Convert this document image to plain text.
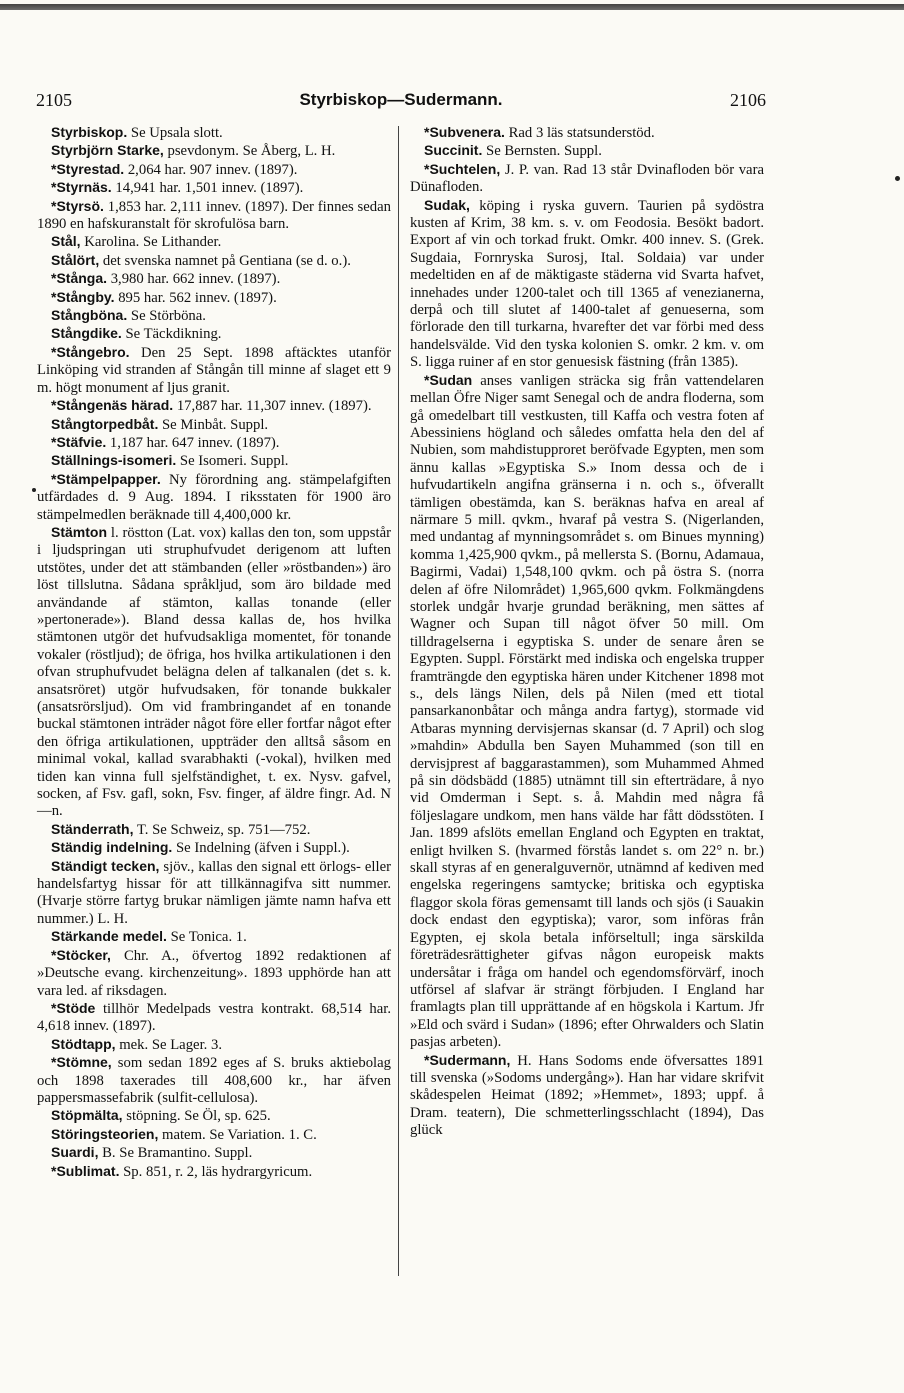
2105	Styrbiskop—Sudermann.	2106

Styrbiskop. Se Upsala slott.

Styrbjörn Starke, psevdonym. Se Åberg, L. H.

*Styrestad. 2,064 har. 907 innev. (1897).

*Styrnäs. 14,941 har. 1,501 innev. (1897).

*Styrsö. 1,853 har. 2,111 innev. (1897). Der finnes sedan 1890 en hafskuranstalt för skrofulösa barn.

Stål, Karolina. Se Lithander.

Stålört, det svenska namnet på Gentiana (se d. o.).

*Stånga. 3,980 har. 662 innev. (1897).

*Stångby. 895 har. 562 innev. (1897).

Stångböna. Se Störböna.

Stångdike. Se Täckdikning.

*Stångebro. Den 25 Sept. 1898 aftäcktes utanför Linköping vid stranden af Stångån till minne af slaget ett 9 m. högt monument af ljus granit.

*Stångenäs härad. 17,887 har. 11,307 innev. (1897).

Stångtorpedbåt. Se Minbåt. Suppl.

*Stäfvie. 1,187 har. 647 innev. (1897).

Ställnings-isomeri. Se Isomeri. Suppl.

*Stämpelpapper. Ny förordning ang. stämpelafgiften utfärdades d. 9 Aug. 1894. I riksstaten för 1900 äro stämpelmedlen beräknade till 4,400,000 kr.

Stämton l. röstton (Lat. vox) kallas den ton, som uppstår i ljudspringan uti struphufvudet derigenom att luften utstötes, under det att stämbanden (eller »röstbanden») äro löst tillslutna. Sådana språkljud, som äro bildade med användande af stämton, kallas tonande (eller »pertonerade»). Bland dessa kallas de, hos hvilka stämtonen utgör det hufvudsakliga momentet, för tonande vokaler (röstljud); de öfriga, hos hvilka artikulationen i den ofvan struphufvudet belägna delen af talkanalen (det s. k. ansatsröret) utgör hufvudsaken, för tonande bukkaler (ansatsrörsljud). Om vid frambringandet af en tonande buckal stämtonen inträder något före eller fortfar något efter den öfriga artikulationen, uppträder den alltså såsom en minimal vokal, kallad svarabhakti (-vokal), hvilken med tiden kan vinna full sjelfständighet, t. ex. Nysv. gafvel, socken, af Fsv. gafl, sokn, Fsv. finger, af äldre fingr. Ad. N—n.

Ständerrath, T. Se Schweiz, sp. 751—752.

Ständig indelning. Se Indelning (äfven i Suppl.).

Ständigt tecken, sjöv., kallas den signal ett örlogs- eller handelsfartyg hissar för att tillkännagifva sitt nummer. (Hvarje större fartyg brukar nämligen jämte namn hafva ett nummer.) L. H.

Stärkande medel. Se Tonica. 1.

*Stöcker, Chr. A., öfvertog 1892 redaktionen af »Deutsche evang. kirchenzeitung». 1893 upphörde han att vara led. af riksdagen.

*Stöde tillhör Medelpads vestra kontrakt. 68,514 har. 4,618 innev. (1897).

Stödtapp, mek. Se Lager. 3.

*Stömne, som sedan 1892 eges af S. bruks aktiebolag och 1898 taxerades till 408,600 kr., har äfven pappersmassefabrik (sulfit-cellulosa).

Stöpmälta, stöpning. Se Öl, sp. 625.

Störingsteorien, matem. Se Variation. 1. C.

Suardi, B. Se Bramantino. Suppl.

*Sublimat. Sp. 851, r. 2, läs hydrargyricum.

*Subvenera. Rad 3 läs statsunderstöd.

Succinit. Se Bernsten. Suppl.

*Suchtelen, J. P. van. Rad 13 står Dvinafloden bör vara Dünafloden.

Sudak, köping i ryska guvern. Taurien på sydöstra kusten af Krim, 38 km. s. v. om Feodosia. Besökt badort. Export af vin och torkad frukt. Omkr. 400 innev. S. (Grek. Sugdaia, Fornryska Surosj, Ital. Soldaia) var under medeltiden en af de mäktigaste städerna vid Svarta hafvet, innehades under 1200-talet och till 1365 af venezianerna, derpå och till slutet af 1400-talet af genueserna, som förlorade den till turkarna, hvarefter det var förbi med dess handelsvälde. Vid den tyska kolonien S. omkr. 2 km. v. om S. ligga ruiner af en stor genuesisk fästning (från 1385).

*Sudan anses vanligen sträcka sig från vattendelaren mellan Öfre Niger samt Senegal och de andra floderna, som gå omedelbart till vestkusten, till Kaffa och vestra foten af Abessiniens högland och således omfatta hela den del af Nubien, som mahdistupproret beröfvade Egypten, men som ännu kallas »Egyptiska S.» Inom dessa och de i hufvudartikeln angifna gränserna i n. och s., öfverallt tämligen obestämda, kan S. beräknas hafva en areal af närmare 5 mill. qvkm., hvaraf på vestra S. (Nigerlanden, med undantag af mynningsområdet s. om Binues mynning) komma 1,425,900 qvkm., på mellersta S. (Bornu, Adamaua, Bagirmi, Vadai) 1,548,100 qvkm. och på östra S. (norra delen af öfre Nilområdet) 1,965,600 qvkm. Folkmängdens storlek undgår hvarje grundad beräkning, men sättes af Wagner och Supan till något öfver 50 mill. Om tilldragelserna i egyptiska S. under de senare åren se Egypten. Suppl. Förstärkt med indiska och engelska trupper framträngde den egyptiska hären under Kitchener 1898 mot s., dels längs Nilen, dels på Nilen (med ett tiotal pansarkanonbåtar och många andra fartyg), stormade vid Atbaras mynning dervisjernas skansar (d. 7 April) och slog »mahdin» Abdulla ben Sayen Muhammed (son till en dervisjprest af baggarastammen), som Muhammed Ahmed på sin dödsbädd (1885) utnämnt till sin efterträdare, å nyo vid Omderman i Sept. s. å. Mahdin med några få följeslagare undkom, men hans välde har fått dödsstöten. I Jan. 1899 afslöts emellan England och Egypten en traktat, enligt hvilken S. (hvarmed förstås landet s. om 22° n. br.) skall styras af en generalguvernör, utnämnd af kediven med engelska regeringens samtycke; britiska och egyptiska flaggor skola föras gemensamt till lands och sjös (i Sauakin dock endast den egyptiska); varor, som införas från Egypten, ej skola betala införseltull; inga särskilda företrädesrättigheter gifvas någon europeisk makts undersåtar i fråga om handel och egendomsförvärf, inoch utförsel af slafvar är strängt förbjuden. I England har framlagts plan till upprättande af en högskola i Kartum. Jfr »Eld och svärd i Sudan» (1896; efter Ohrwalders och Slatin pasjas arbeten).

*Sudermann, H. Hans Sodoms ende öfversattes 1891 till svenska (»Sodoms undergång»). Han har vidare skrifvit skådespelen Heimat (1892; »Hemmet», 1893; uppf. å Dram. teatern), Die schmetterlingsschlacht (1894), Das glück
